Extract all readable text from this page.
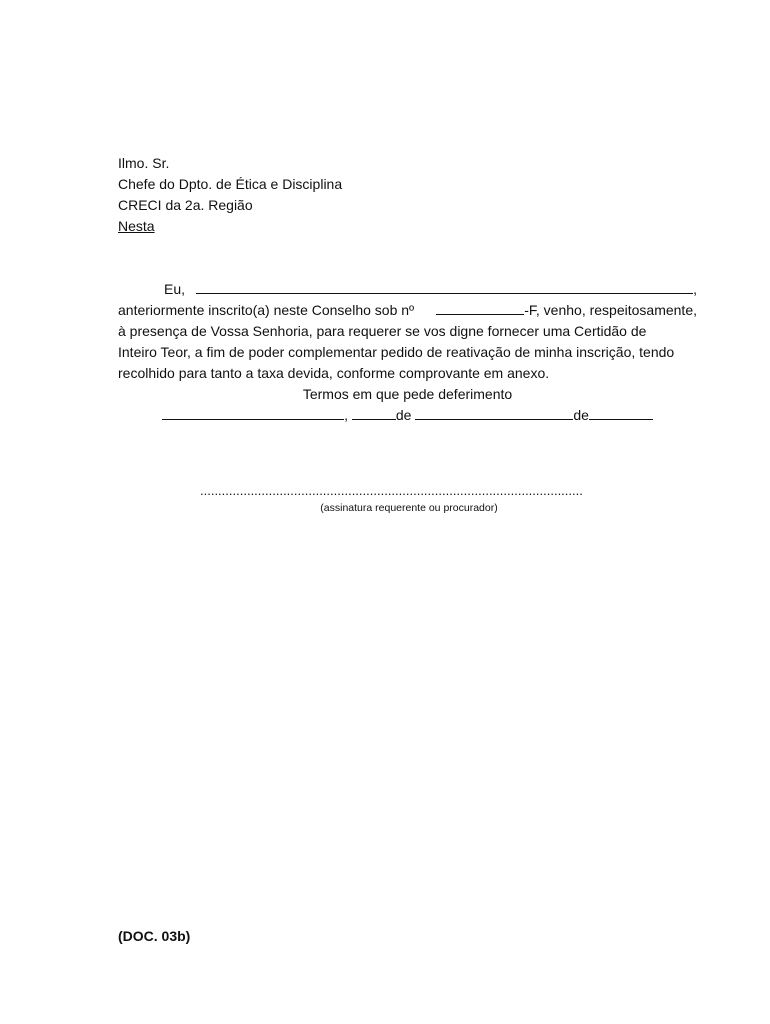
Ilmo. Sr.
Chefe do Dpto. de Ética e Disciplina
CRECI da 2a. Região
Nesta
Eu,	,
anteriormente inscrito(a) neste Conselho sob nº	-F, venho, respeitosamente,
à presença de Vossa Senhoria, para requerer se vos digne fornecer uma Certidão de
Inteiro Teor, a fim de poder complementar pedido de reativação de minha inscrição, tendo
recolhido para tanto a taxa devida, conforme comprovante em anexo.
Termos em que pede deferimento
,	de	de
..........................................................................................................
(assinatura requerente ou procurador)
(DOC. 03b)
